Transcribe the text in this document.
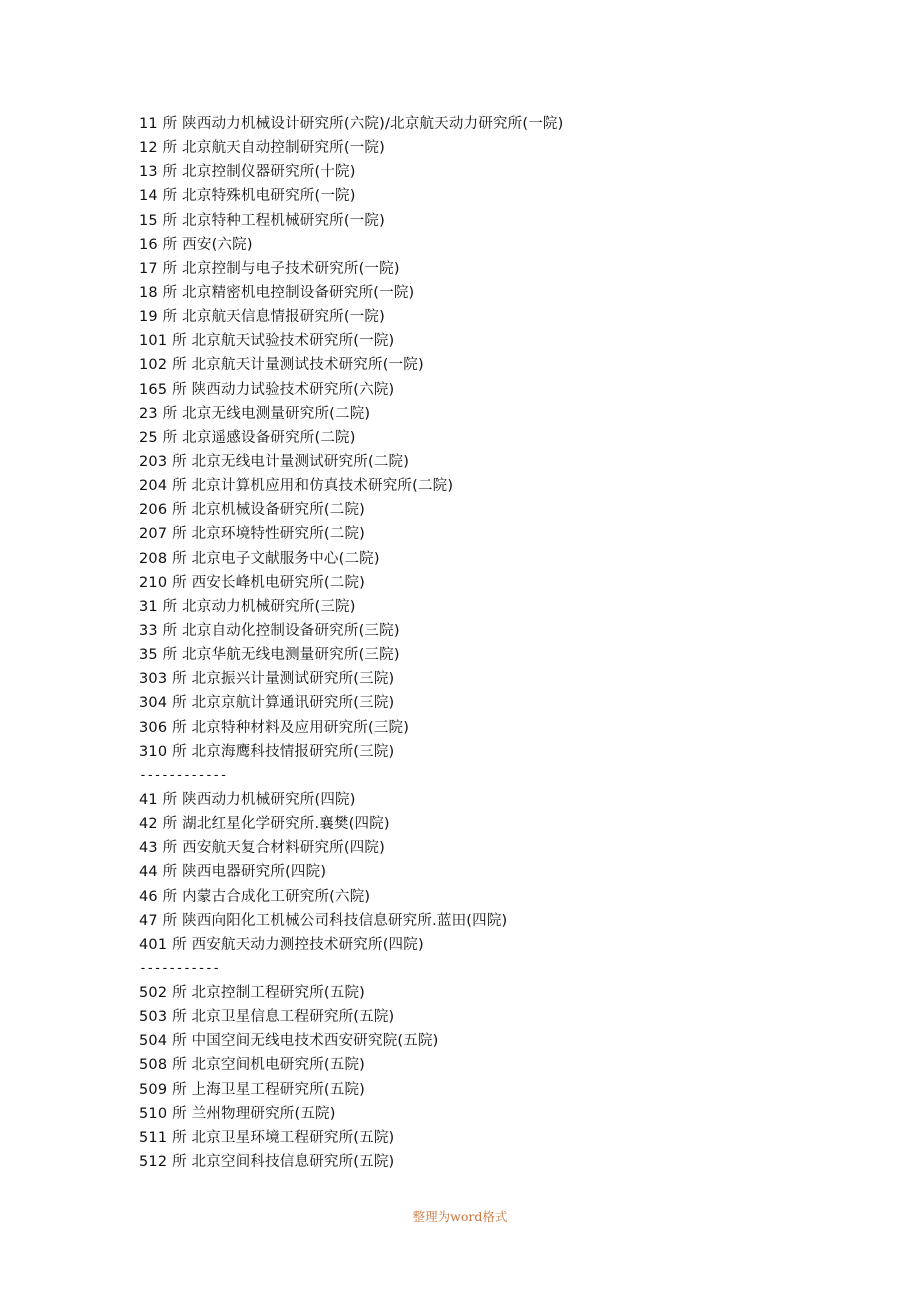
11 所 陕西动力机械设计研究所(六院)/北京航天动力研究所(一院)
12 所 北京航天自动控制研究所(一院)
13 所 北京控制仪器研究所(十院)
14 所 北京特殊机电研究所(一院)
15 所 北京特种工程机械研究所(一院)
16 所 西安(六院)
17 所 北京控制与电子技术研究所(一院)
18 所 北京精密机电控制设备研究所(一院)
19 所 北京航天信息情报研究所(一院)
101 所 北京航天试验技术研究所(一院)
102 所 北京航天计量测试技术研究所(一院)
165 所 陕西动力试验技术研究所(六院)
23 所 北京无线电测量研究所(二院)
25 所 北京遥感设备研究所(二院)
203 所 北京无线电计量测试研究所(二院)
204 所 北京计算机应用和仿真技术研究所(二院)
206 所 北京机械设备研究所(二院)
207 所 北京环境特性研究所(二院)
208 所 北京电子文献服务中心(二院)
210 所 西安长峰机电研究所(二院)
31 所 北京动力机械研究所(三院)
33 所 北京自动化控制设备研究所(三院)
35 所 北京华航无线电测量研究所(三院)
303 所 北京振兴计量测试研究所(三院)
304 所 北京京航计算通讯研究所(三院)
306 所 北京特种材料及应用研究所(三院)
310 所 北京海鹰科技情报研究所(三院)
------------
41 所 陕西动力机械研究所(四院)
42 所 湖北红星化学研究所.襄樊(四院)
43 所 西安航天复合材料研究所(四院)
44 所 陕西电器研究所(四院)
46 所 内蒙古合成化工研究所(六院)
47 所 陕西向阳化工机械公司科技信息研究所.蓝田(四院)
401 所 西安航天动力测控技术研究所(四院)
-----------
502 所 北京控制工程研究所(五院)
503 所 北京卫星信息工程研究所(五院)
504 所 中国空间无线电技术西安研究院(五院)
508 所 北京空间机电研究所(五院)
509 所 上海卫星工程研究所(五院)
510 所 兰州物理研究所(五院)
511 所 北京卫星环境工程研究所(五院)
512 所 北京空间科技信息研究所(五院)
整理为word格式
